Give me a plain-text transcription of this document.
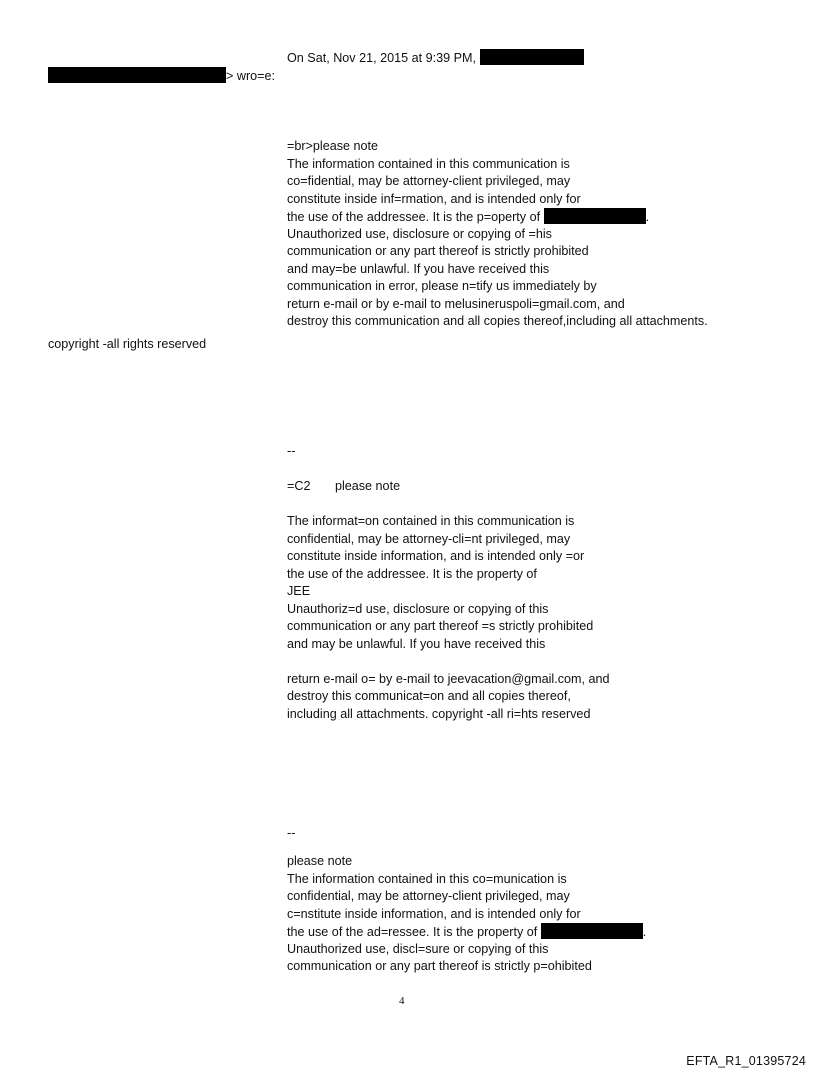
On Sat, Nov 21, 2015 at 9:39 PM,
> wro=e:
=br>please note
The information contained in this communication is
co=fidential, may be attorney-client privileged, may
constitute inside inf=rmation, and is intended only for
the use of the addressee. It is the p=operty of	.
Unauthorized use, disclosure or copying of =his
communication or any part thereof is strictly prohibited
and may=be unlawful. If you have received this
communication in error, please n=tify us immediately by
return e-mail or by e-mail to melusineruspoli=gmail.com, and
destroy this communication and all copies thereof,including all attachments.
copyright -all rights reserved
--
=C2       please note
The informat=on contained in this communication is
confidential, may be attorney-cli=nt privileged, may
constitute inside information, and is intended only =or
the use of the addressee. It is the property of
JEE
Unauthoriz=d use, disclosure or copying of this
communication or any part thereof =s strictly prohibited
and may be unlawful. If you have received this
return e-mail o= by e-mail to jeevacation@gmail.com, and
destroy this communicat=on and all copies thereof,
including all attachments. copyright -all ri=hts reserved
--
please note
The information contained in this co=munication is
confidential, may be attorney-client privileged, may
c=nstitute inside information, and is intended only for
the use of the ad=ressee. It is the property of	.
Unauthorized use, discl=sure or copying of this
communication or any part thereof is strictly p=ohibited
4
EFTA_R1_01395724
